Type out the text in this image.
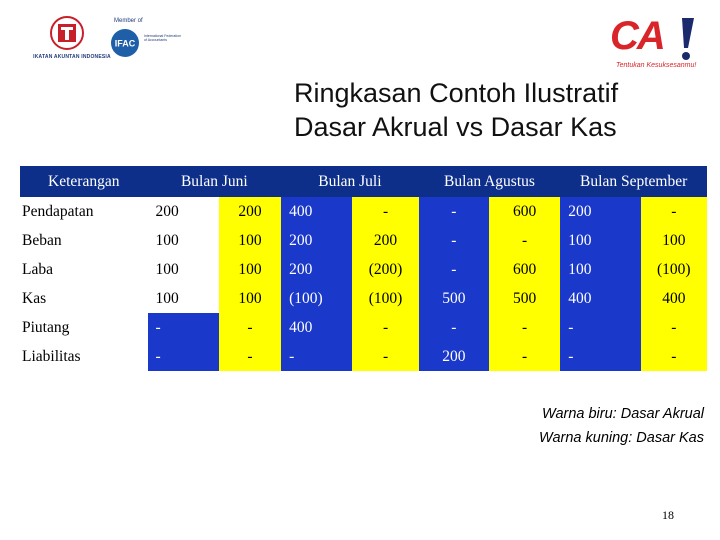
IKATAN AKUNTAN INDONESIA
Member of
IFAC
International Federation of Accountants	CA
Tentukan Kesuksesanmu!
Ringkasan Contoh Ilustratif
Dasar Akrual vs Dasar Kas
Keterangan	Bulan Juni		Bulan Juli		Bulan Agustus		Bulan September	
Pendapatan	200	200	400	-	-	600	200	-
Beban	100	100	200	200	-	-	100	100
Laba	100	100	200	(200)	-	600	100	(100)
Kas	100	100	(100)	(100)	500	500	400	400
Piutang	-	-	400	-	-	-	-	-
Liabilitas	-	-	-	-	200	-	-	-
Warna biru: Dasar Akrual
Warna kuning: Dasar Kas
18
